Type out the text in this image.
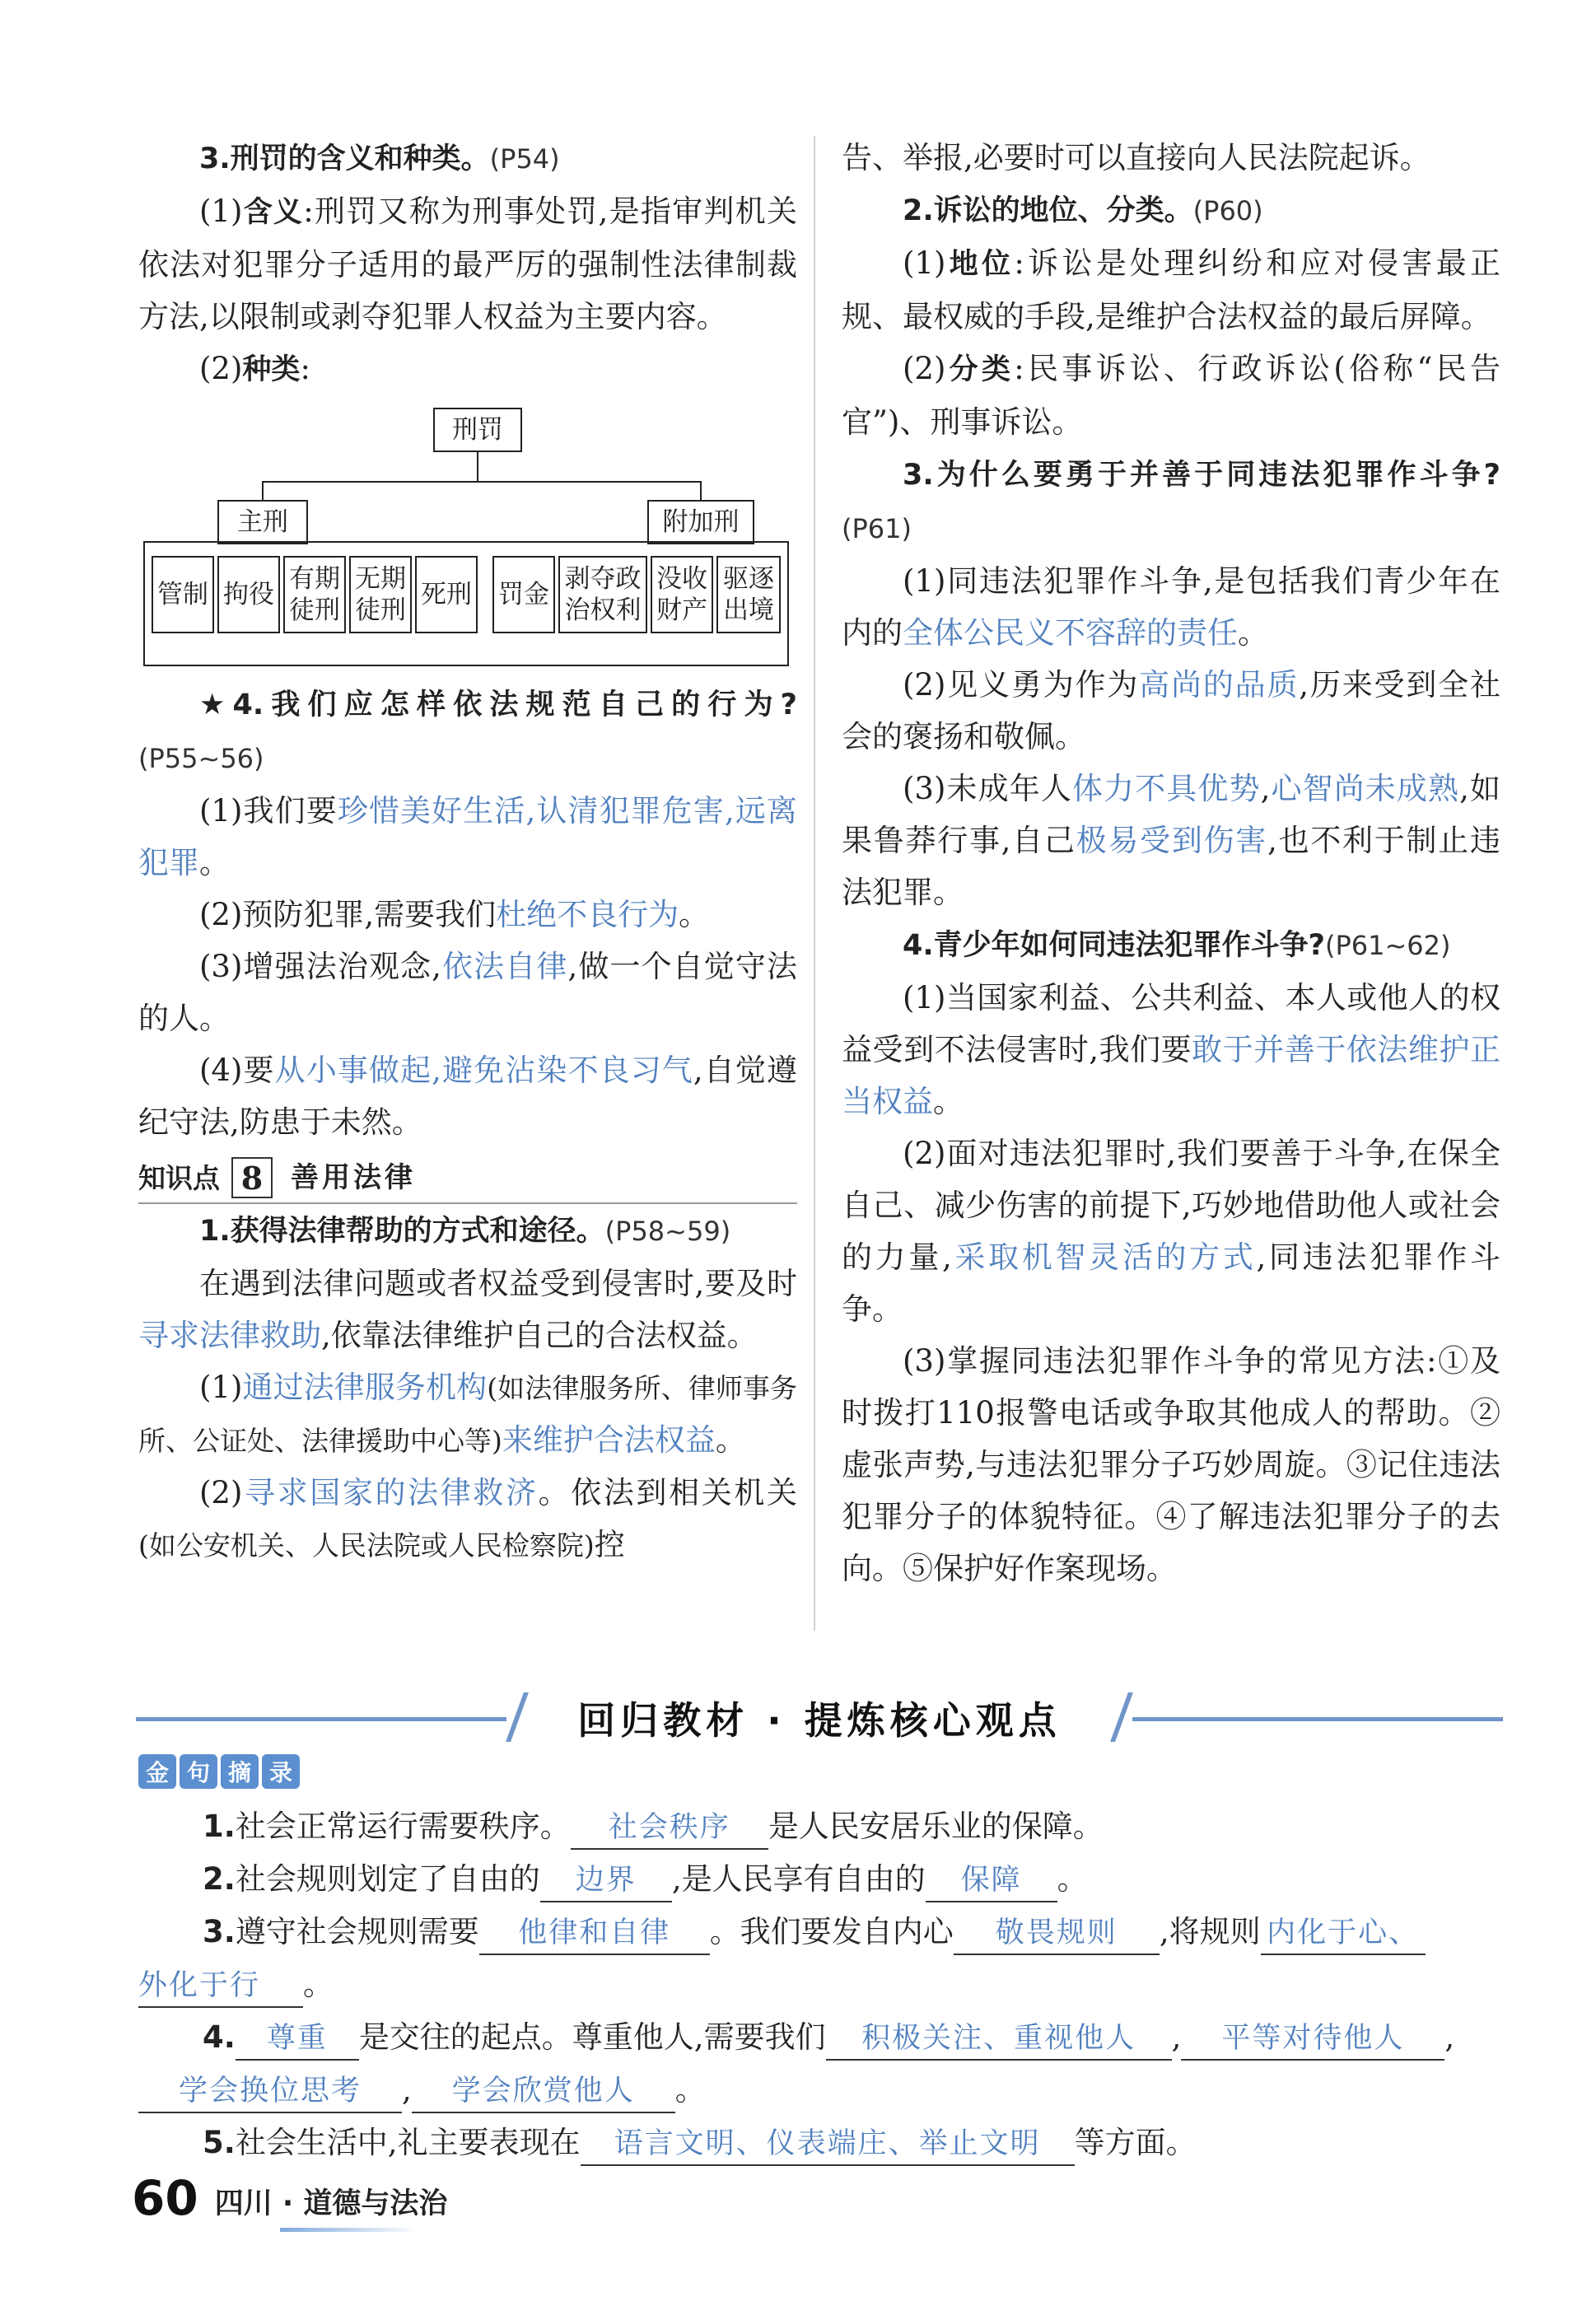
3.刑罚的含义和种类。(P54)

(1)含义:刑罚又称为刑事处罚,是指审判机关依法对犯罪分子适用的最严厉的强制性法律制裁方法,以限制或剥夺犯罪人权益为主要内容。

(2)种类:

刑罚
主刑	附加刑
管制 拘役
有期
徒刑
无期
徒刑
死刑 罚金
剥夺政
治权利
没收
财产
驱逐
出境

★4.我们应怎样依法规范自己的行为?(P55~56)

(1)我们要珍惜美好生活,认清犯罪危害,远离犯罪。

(2)预防犯罪,需要我们杜绝不良行为。

(3)增强法治观念,依法自律,做一个自觉守法的人。

(4)要从小事做起,避免沾染不良习气,自觉遵纪守法,防患于未然。

知识点 8 善用法律

1.获得法律帮助的方式和途径。(P58~59)

在遇到法律问题或者权益受到侵害时,要及时寻求法律救助,依靠法律维护自己的合法权益。

(1)通过法律服务机构(如法律服务所、律师事务所、公证处、法律援助中心等)来维护合法权益。

(2)寻求国家的法律救济。依法到相关机关(如公安机关、人民法院或人民检察院)控

告、举报,必要时可以直接向人民法院起诉。

2.诉讼的地位、分类。(P60)

(1)地位:诉讼是处理纠纷和应对侵害最正规、最权威的手段,是维护合法权益的最后屏障。

(2)分类:民事诉讼、行政诉讼(俗称“民告官”)、刑事诉讼。

3.为什么要勇于并善于同违法犯罪作斗争?(P61)

(1)同违法犯罪作斗争,是包括我们青少年在内的全体公民义不容辞的责任。

(2)见义勇为作为高尚的品质,历来受到全社会的褒扬和敬佩。

(3)未成年人体力不具优势,心智尚未成熟,如果鲁莽行事,自己极易受到伤害,也不利于制止违法犯罪。

4.青少年如何同违法犯罪作斗争?(P61~62)

(1)当国家利益、公共利益、本人或他人的权益受到不法侵害时,我们要敢于并善于依法维护正当权益。

(2)面对违法犯罪时,我们要善于斗争,在保全自己、减少伤害的前提下,巧妙地借助他人或社会的力量,采取机智灵活的方式,同违法犯罪作斗争。

(3)掌握同违法犯罪作斗争的常见方法:①及时拨打110报警电话或争取其他成人的帮助。②虚张声势,与违法犯罪分子巧妙周旋。③记住违法犯罪分子的体貌特征。④了解违法犯罪分子的去向。⑤保护好作案现场。

回归教材 · 提炼核心观点
金 句 摘 录

1.社会正常运行需要秩序。 社会秩序 是人民安居乐业的保障。

2.社会规则划定了自由的 边界 ,是人民享有自由的 保障 。

3.遵守社会规则需要 他律和自律 。我们要发自内心 敬畏规则 ,将规则 内化于心、

外化于行 。

4. 尊重 是交往的起点。尊重他人,需要我们 积极关注、重视他人 , 平等对待他人 ,

学会换位思考 , 学会欣赏他人 。

5.社会生活中,礼主要表现在 语言文明、仪表端庄、举止文明 等方面。

60 四川 · 道德与法治
